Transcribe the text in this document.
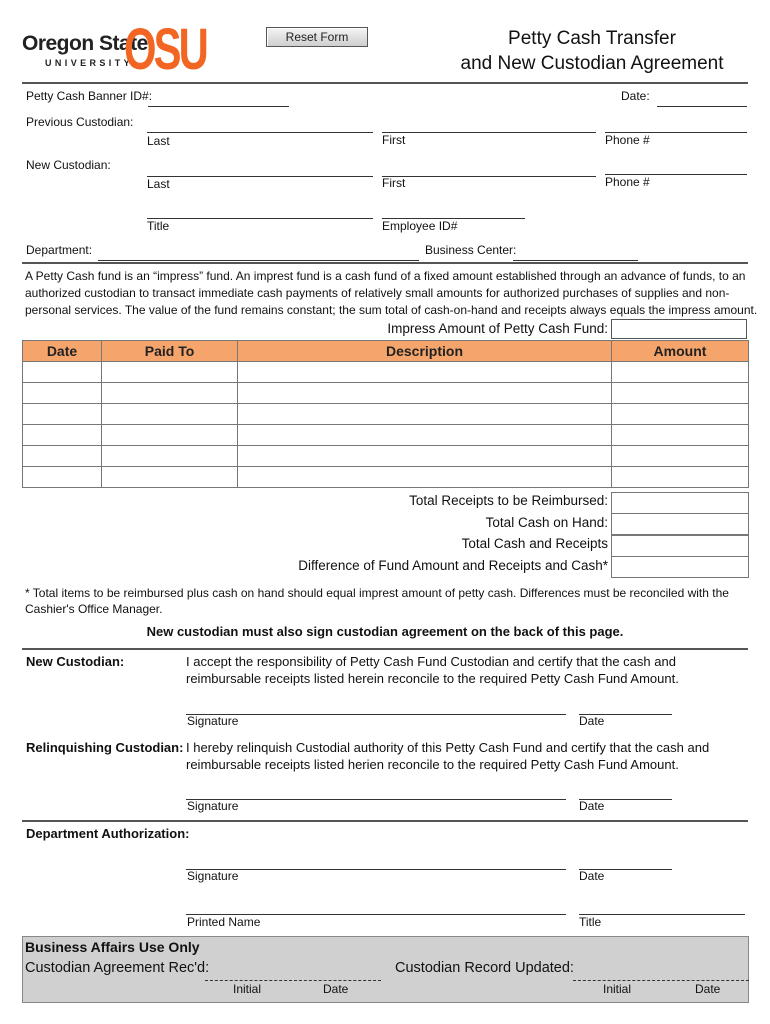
Oregon State
UNIVERSITY
OSU	Reset Form	Petty Cash Transfer
and New Custodian Agreement
Petty Cash Banner ID#:	Date:
Previous Custodian:
Last	First	Phone #
New Custodian:
Last	First	Phone #
Title	Employee ID#
Department:	Business Center:
A Petty Cash fund is an “impress” fund. An imprest fund is a cash fund of a fixed amount established through an advance of funds, to an
authorized custodian to transact immediate cash payments of relatively small amounts for authorized purchases of supplies and non-
personal services. The value of the fund remains constant; the sum total of cash-on-hand and receipts always equals the impress amount.
Impress Amount of Petty Cash Fund:
Date	Paid To	Description	Amount

Total Receipts to be Reimbursed:
Total Cash on Hand:
Total Cash and Receipts
Difference of Fund Amount and Receipts and Cash*
* Total items to be reimbursed plus cash on hand should equal imprest amount of petty cash. Differences must be reconciled with the
Cashier's Office Manager.
New custodian must also sign custodian agreement on the back of this page.
New Custodian:	I accept the responsibility of Petty Cash Fund Custodian and certify that the cash and
reimbursable receipts listed herein reconcile to the required Petty Cash Fund Amount.
Signature	Date
Relinquishing Custodian: I hereby relinquish Custodial authority of this Petty Cash Fund and certify that the cash and
reimbursable receipts listed herien reconcile to the required Petty Cash Fund Amount.
Signature	Date
Department Authorization:
Signature	Date
Printed Name	Title
Business Affairs Use Only
Custodian Agreement Rec'd:
Initial	Date
Custodian Record Updated:
Initial	Date
